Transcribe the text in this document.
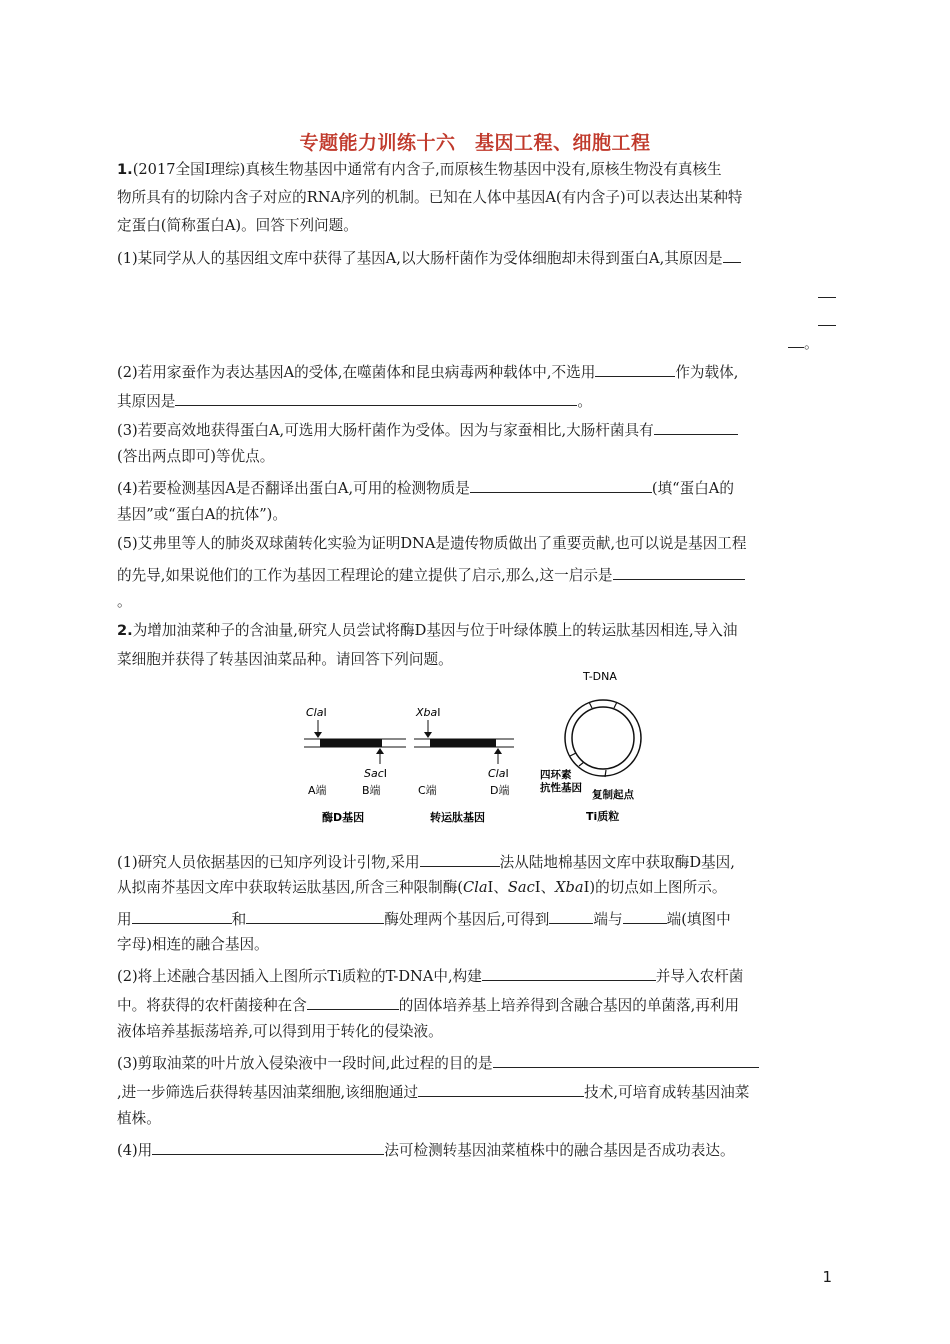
专题能力训练十六　基因工程、细胞工程
1.(2017全国Ⅰ理综)真核生物基因中通常有内含子,而原核生物基因中没有,原核生物没有真核生
物所具有的切除内含子对应的RNA序列的机制。已知在人体中基因A(有内含子)可以表达出某种特
定蛋白(简称蛋白A)。回答下列问题。
(1)某同学从人的基因组文库中获得了基因A,以大肠杆菌作为受体细胞却未得到蛋白A,其原因是
。
(2)若用家蚕作为表达基因A的受体,在噬菌体和昆虫病毒两种载体中,不选用	作为载体,
其原因是	。
(3)若要高效地获得蛋白A,可选用大肠杆菌作为受体。因为与家蚕相比,大肠杆菌具有
(答出两点即可)等优点。
(4)若要检测基因A是否翻译出蛋白A,可用的检测物质是	(填“蛋白A的
基因”或“蛋白A的抗体”)。
(5)艾弗里等人的肺炎双球菌转化实验为证明DNA是遗传物质做出了重要贡献,也可以说是基因工程
的先导,如果说他们的工作为基因工程理论的建立提供了启示,那么,这一启示是
。
2.为增加油菜种子的含油量,研究人员尝试将酶D基因与位于叶绿体膜上的转运肽基因相连,导入油
菜细胞并获得了转基因油菜品种。请回答下列问题。
ClaⅠ
SacⅠ
A端	B端
酶D基因
XbaⅠ
ClaⅠ
C端	D端
转运肽基因
T-DNA
四环素
抗性基因
复制起点
Ti质粒
(1)研究人员依据基因的已知序列设计引物,采用	法从陆地棉基因文库中获取酶D基因,
从拟南芥基因文库中获取转运肽基因,所含三种限制酶(ClaⅠ、SacⅠ、XbaⅠ)的切点如上图所示。
用	和	酶处理两个基因后,可得到	端与	端(填图中
字母)相连的融合基因。
(2)将上述融合基因插入上图所示Ti质粒的T-DNA中,构建	并导入农杆菌
中。将获得的农杆菌接种在含	的固体培养基上培养得到含融合基因的单菌落,再利用
液体培养基振荡培养,可以得到用于转化的侵染液。
(3)剪取油菜的叶片放入侵染液中一段时间,此过程的目的是
,进一步筛选后获得转基因油菜细胞,该细胞通过	技术,可培育成转基因油菜
植株。
(4)用	法可检测转基因油菜植株中的融合基因是否成功表达。
1
